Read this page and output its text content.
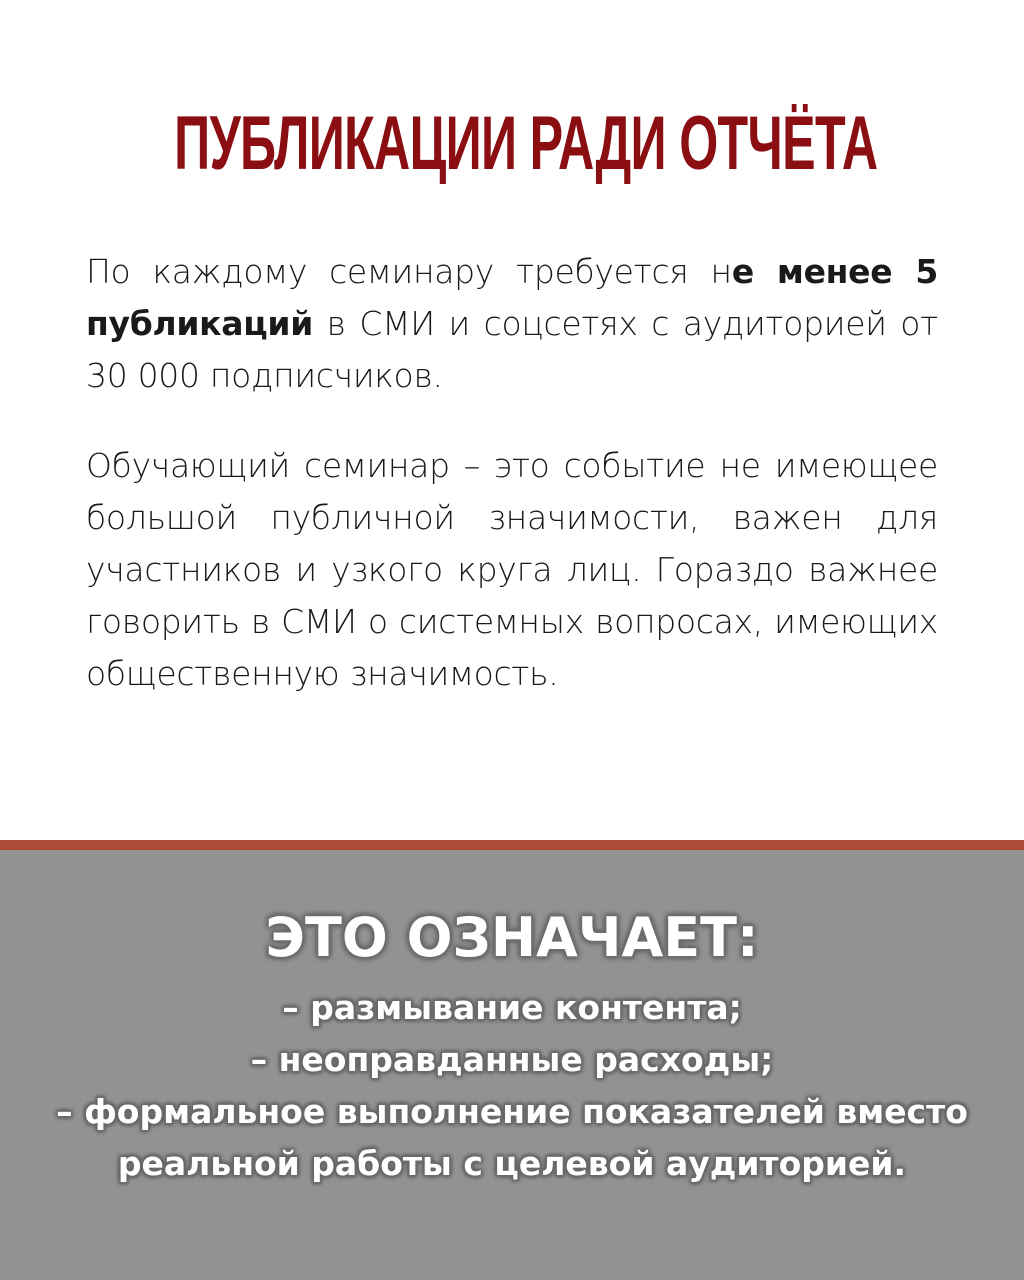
ПУБЛИКАЦИИ РАДИ ОТЧЁТА
По каждому семинару требуется не менее 5 публикаций в СМИ и соцсетях с аудиторией от 30 000 подписчиков.
Обучающий семинар – это событие не имеющее большой публичной значимости, важен для участников и узкого круга лиц. Гораздо важнее говорить в СМИ о системных вопросах, имеющих общественную значимость.
ЭТО ОЗНАЧАЕТ:
– размывание контента;
– неоправданные расходы;
– формальное выполнение показателей вместо
реальной работы с целевой аудиторией.
